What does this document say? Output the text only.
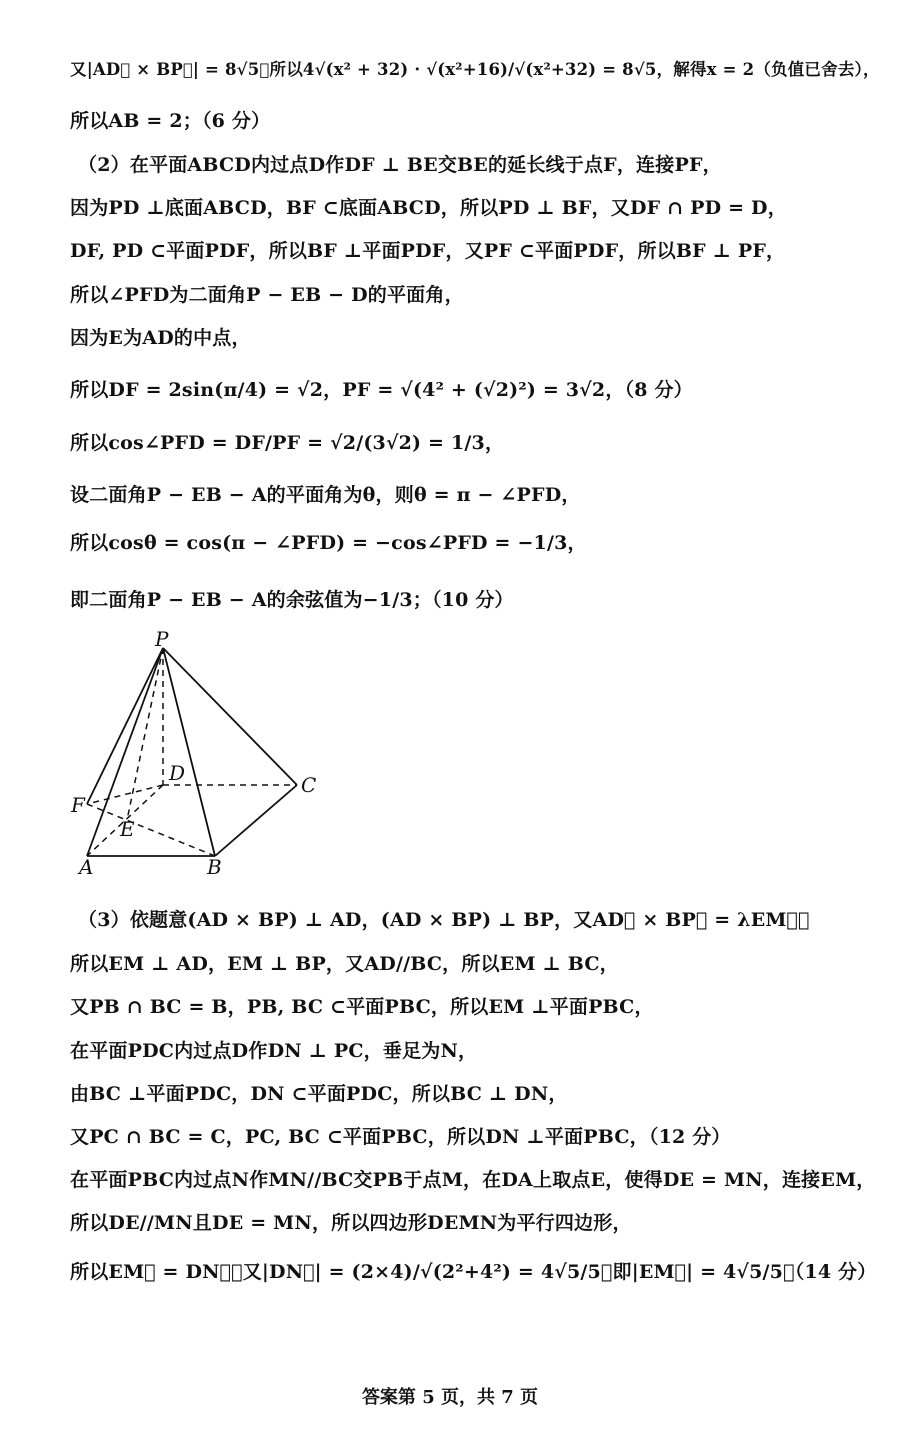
又|AD⃗ × BP⃗| = 8√5，所以4√(x² + 32) · √(x²+16)/√(x²+32) = 8√5，解得x = 2（负值已舍去），
所以AB = 2；（6 分）
（2）在平面ABCD内过点D作DF ⊥ BE交BE的延长线于点F，连接PF，
因为PD ⊥底面ABCD，BF ⊂底面ABCD，所以PD ⊥ BF，又DF ∩ PD = D，
DF, PD ⊂平面PDF，所以BF ⊥平面PDF，又PF ⊂平面PDF，所以BF ⊥ PF，
所以∠PFD为二面角P − EB − D的平面角，
因为E为AD的中点，
所以DF = 2sin(π/4) = √2，PF = √(4² + (√2)²) = 3√2，（8 分）
所以cos∠PFD = DF/PF = √2/(3√2) = 1/3，
设二面角P − EB − A的平面角为θ，则θ = π − ∠PFD，
所以cosθ = cos(π − ∠PFD) = −cos∠PFD = −1/3，
即二面角P − EB − A的余弦值为−1/3；（10 分）
P
D	C
F
E
A	B
（3）依题意(AD × BP) ⊥ AD，(AD × BP) ⊥ BP，又AD⃗ × BP⃗ = λEM⃗，
所以EM ⊥ AD，EM ⊥ BP，又AD//BC，所以EM ⊥ BC，
又PB ∩ BC = B，PB, BC ⊂平面PBC，所以EM ⊥平面PBC，
在平面PDC内过点D作DN ⊥ PC，垂足为N，
由BC ⊥平面PDC，DN ⊂平面PDC，所以BC ⊥ DN，
又PC ∩ BC = C，PC, BC ⊂平面PBC，所以DN ⊥平面PBC，（12 分）
在平面PBC内过点N作MN//BC交PB于点M，在DA上取点E，使得DE = MN，连接EM，
所以DE//MN且DE = MN，所以四边形DEMN为平行四边形，
所以EM⃗ = DN⃗，又|DN⃗| = (2×4)/√(2²+4²) = 4√5/5，即|EM⃗| = 4√5/5，（14 分）
答案第 5 页，共 7 页
